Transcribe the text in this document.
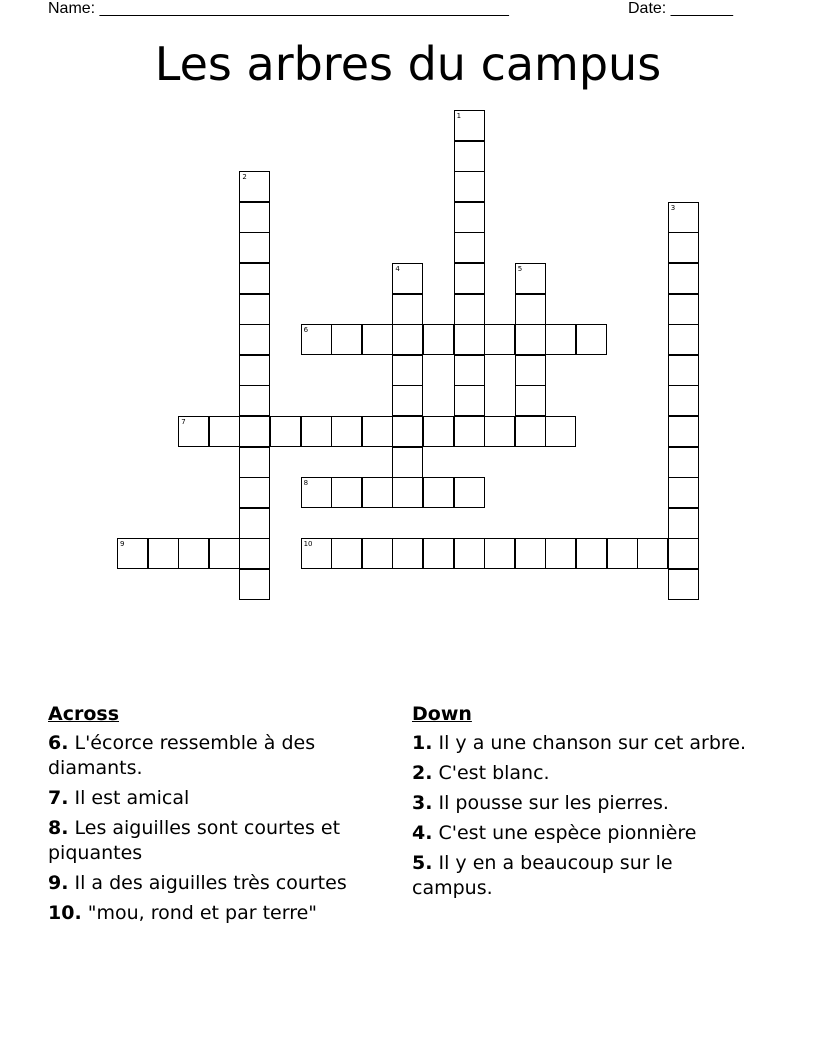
Name: ______________________________________________	Date: _______
Les arbres du campus
1
2
3
4	5
6
7
8
9	10
Across
6. L'écorce ressemble à des diamants.
7. Il est amical
8. Les aiguilles sont courtes et piquantes
9. Il a des aiguilles très courtes
10. "mou, rond et par terre"
Down
1. Il y a une chanson sur cet arbre.
2. C'est blanc.
3. Il pousse sur les pierres.
4. C'est une espèce pionnière
5. Il y en a beaucoup sur le campus.
